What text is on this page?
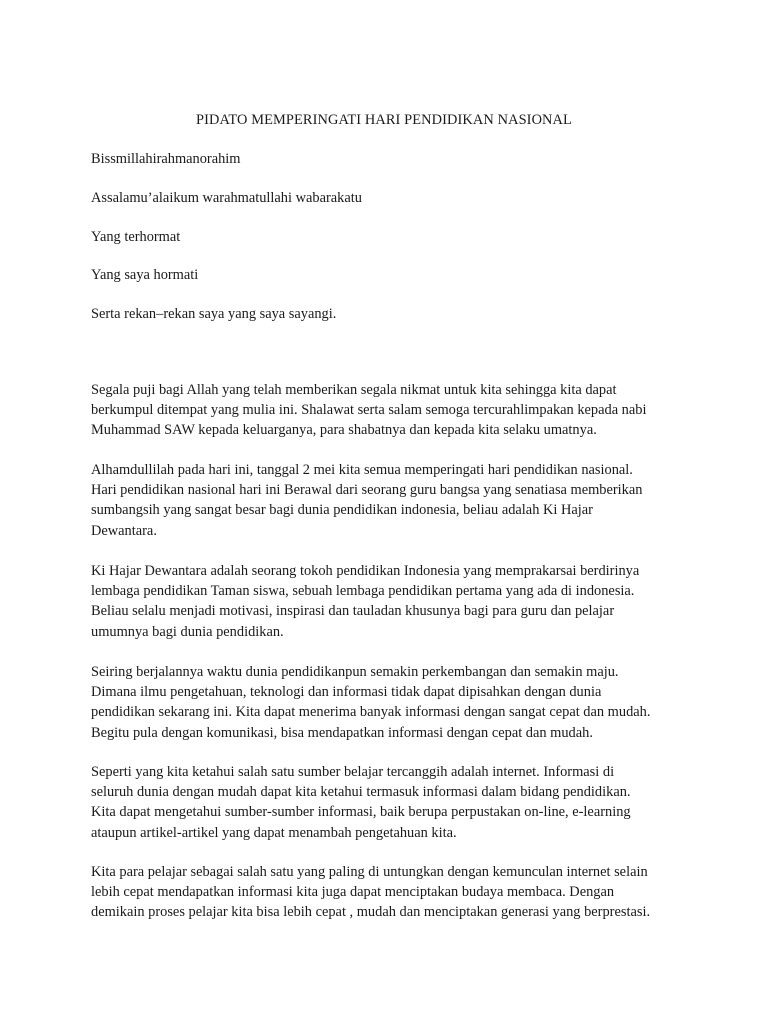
PIDATO MEMPERINGATI HARI PENDIDIKAN NASIONAL
Bissmillahirahmanorahim
Assalamu’alaikum warahmatullahi wabarakatu
Yang terhormat
Yang saya hormati
Serta rekan–rekan saya yang saya sayangi.
Segala puji bagi Allah yang telah memberikan segala nikmat untuk kita sehingga kita dapat
berkumpul ditempat yang mulia ini. Shalawat serta salam semoga tercurahlimpakan kepada nabi
Muhammad SAW kepada keluarganya, para shabatnya dan kepada kita selaku umatnya.
Alhamdullilah pada hari ini, tanggal 2 mei kita semua memperingati hari pendidikan nasional.
Hari pendidikan nasional hari ini Berawal dari seorang guru bangsa yang senatiasa memberikan
sumbangsih yang sangat besar bagi dunia pendidikan indonesia, beliau adalah Ki Hajar
Dewantara.
Ki Hajar Dewantara adalah seorang tokoh pendidikan Indonesia yang memprakarsai berdirinya
lembaga pendidikan Taman siswa, sebuah lembaga pendidikan pertama yang ada di indonesia.
Beliau selalu menjadi motivasi, inspirasi dan tauladan khusunya bagi para guru dan pelajar
umumnya bagi dunia pendidikan.
Seiring berjalannya waktu dunia pendidikanpun semakin perkembangan dan semakin maju.
Dimana ilmu pengetahuan, teknologi dan informasi tidak dapat dipisahkan dengan dunia
pendidikan sekarang ini. Kita dapat menerima banyak informasi dengan sangat cepat dan mudah.
Begitu pula dengan komunikasi, bisa mendapatkan informasi dengan cepat dan mudah.
Seperti yang kita ketahui salah satu sumber belajar tercanggih adalah internet. Informasi di
seluruh dunia dengan mudah dapat kita ketahui termasuk informasi dalam bidang pendidikan.
Kita dapat mengetahui sumber-sumber informasi, baik berupa perpustakan on-line, e-learning
ataupun artikel-artikel yang dapat menambah pengetahuan kita.
Kita para pelajar sebagai salah satu yang paling di untungkan dengan kemunculan internet selain
lebih cepat mendapatkan informasi kita juga dapat menciptakan budaya membaca. Dengan
demikain proses pelajar kita bisa lebih cepat , mudah dan menciptakan generasi yang berprestasi.
